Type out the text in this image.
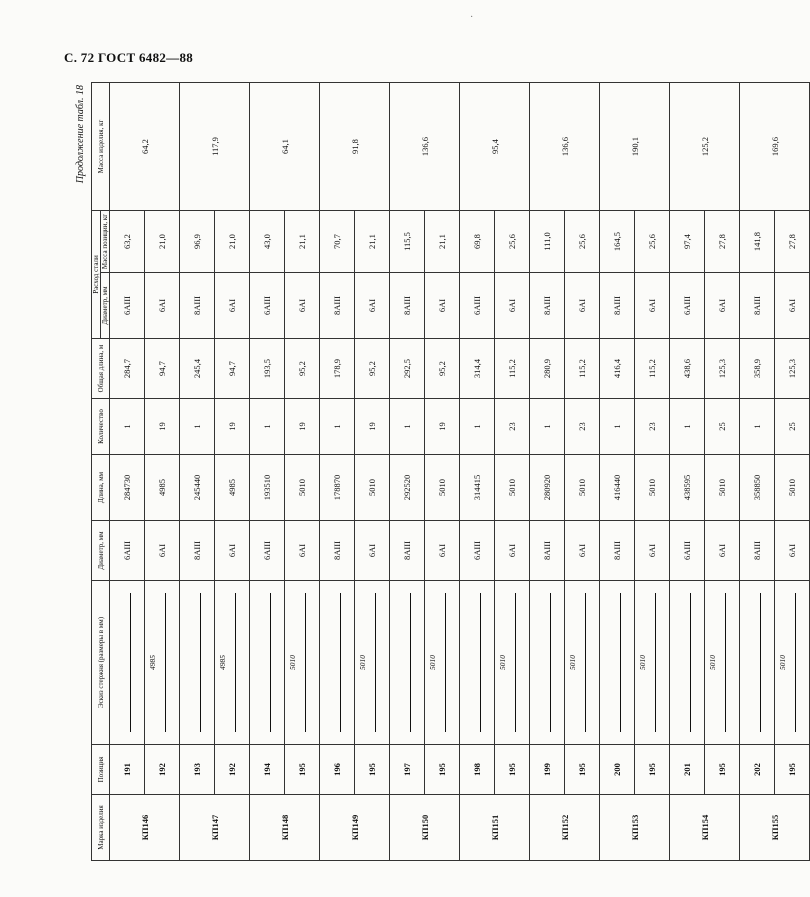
С. 72 ГОСТ 6482—88
·
Продолжение табл. 18
Марка изделия	Позиция	Эскиз стержня (размеры в мм)	Диаметр, мм	Длина, мм	Количество	Общая длина, м	Расход стали		Масса изделия, кг
							Диаметр, мм	Масса позиции, кг	
КП146	191		6АIII	284730	1	284,7	6АIII	63,2	64,2
	192	4985	6АI	4985	19	94,7	6АI	21,0	
КП147	193		8АIII	245440	1	245,4	8АIII	96,9	117,9
	192	4985	6АI	4985	19	94,7	6АI	21,0	
КП148	194		6АIII	193510	1	193,5	6АIII	43,0	64,1
	195	5010	6АI	5010	19	95,2	6АI	21,1	
КП149	196		8АIII	178870	1	178,9	8АIII	70,7	91,8
	195	5010	6АI	5010	19	95,2	6АI	21,1	
КП150	197		8АIII	292520	1	292,5	8АIII	115,5	136,6
	195	5010	6АI	5010	19	95,2	6АI	21,1	
КП151	198		6АIII	314415	1	314,4	6АIII	69,8	95,4
	195	5010	6АI	5010	23	115,2	6АI	25,6	
КП152	199		8АIII	280920	1	280,9	8АIII	111,0	136,6
	195	5010	6АI	5010	23	115,2	6АI	25,6	
КП153	200		8АIII	416440	1	416,4	8АIII	164,5	190,1
	195	5010	6АI	5010	23	115,2	6АI	25,6	
КП154	201		6АIII	438595	1	438,6	6АIII	97,4	125,2
	195	5010	6АI	5010	25	125,3	6АI	27,8	
КП155	202		8АIII	358850	1	358,9	8АIII	141,8	169,6
	195	5010	6АI	5010	25	125,3	6АI	27,8	
